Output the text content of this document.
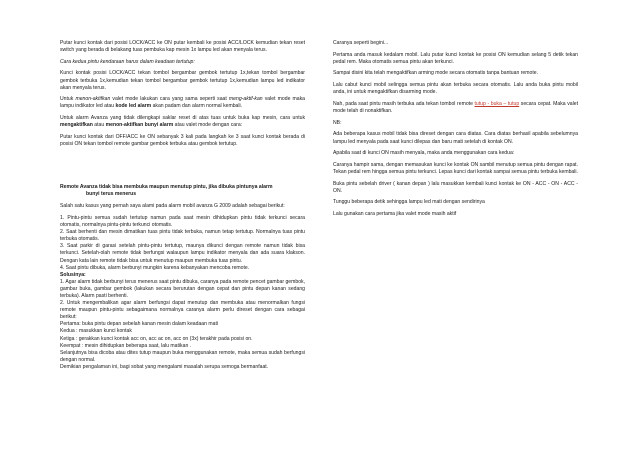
Putar kunci kontak dari posisi LOCK/ACC ke ON putar kembali ke posisi ACC/LOCK kemudian tekan reset switch yang berada di belakang tuas pembuka kap mesin 1x lampu led akan menyala terus.

Cara kedua pintu kendaraan harus dalam keadaan tertutup:

Kunci kontak posisi LOCK/ACC tekan tombol bergambar gembok tertutup 1x,tekan tombol bergambar gembok terbuka 1x,kemudian tekan tombol bergambar gembok tertutup 1x,kemudian lampu led indikator akan menyala terus.

Untuk menon-aktifkan valet mode lakukan cara yang sama seperti saat meng-aktif-kan valet mode maka lampu indikator led atau kode led alarm akan padam dan alarm normal kembali.

Untuk alarm Avanza yang tidak dilengkapi saklar reset di atas tuas untuk buka kap mesin, cara untuk mengaktifkan atau menon-aktifkan bunyi alarm atau valet mode dengan cara:

Putar kunci kontak dari OFF/ACC ke ON sebanyak 3 kali pada langkah ke 3 saat kunci kontak berada di posisi ON tekan tombol remote gambar gembok terbuka atau gembok tertutup.

Remote Avanza tidak bisa membuka maupun menutup pintu, jika dibuka pintunya alarm
bunyi terus menerus

Salah satu kasus yang pernah saya alami pada alarm mobil avanza G 2009 adalah sebagai berikut:

1. Pintu-pintu semua sudah tertutup namun pada saat mesin dihidupkan pintu tidak terkunci secara otomatis, normalnya pintu-pintu terkunci otomatis.
2. Saat berhenti dan mesin dimatikan tuas pintu tidak terbuka, namun tetap tertutup. Normalnya tuas pintu terbuka otomatis.
3. Saat parkir di garasi setelah pintu-pintu tertutup, maunya dikunci dengan remote namun tidak bisa terkunci. Setelah-olah remote tidak berfungsi walaupun lampu indikator menyala dan ada suara klakson. Dengan kata lain remote tidak bisa untuk menutup maupun membuka tuas pintu.
4. Saat pintu dibuka, alarm berbunyi mungkin karena kebanyakan mencoba remote.
Solusinya:
1. Agar alarm tidak berbunyi terus menerus saat pintu dibuka, caranya pada remote pencet gambar gembok, gambar buka, gambar gembok (lakukan secara berurutan dengan cepat dan pintu depan kanan sedang terbuka). Alarm pasti berhenti.
2. Untuk mengembalikan agar alarm berfungsi dapat menutup dan membuka atau menormalkan fungsi remote maupun pintu-pintu sebagaimana normalnya caranya alarm perlu direset dengan cara sebagai berikut:
Pertama: buka pintu depan sebelah kanan mesin dalam keadaan mati
Kedua : masukkan kunci kontak
Ketiga : gerakkan kunci kontak acc on, acc ac on, acc on (3x) terakhir pada posisi on.
Keempat : mesin dihidupkan beberapa saat, lalu matikan .
Selanjutnya bisa dicoba atau dites tutup maupun buka menggunakan remote, maka semua sudah berfungsi dengan normal.
Demikian pengalaman ini, bagi sobat yang mengalami masalah serupa semoga bermanfaat.

Caranya seperti begini...

Pertama anda masuk kedalam mobil. Lalu putar kunci kontak ke posisi ON kemudian selang 5 detik tekan pedal rem. Maka otomatis semua pintu akan terkunci.

Sampai disini kita telah mengaktifkan arming mode secara otomatis tanpa bantuan remote.

Lalu cabut kunci mobil selingga semua pintu akan terbuka secara otomatis. Lalu anda buka pintu mobil anda, ini untuk mengaktifkan disarming mode.

Nah, pada saat pintu masih terbuka ada tekan tombol remote tutup - buka – tutup secara cepat. Maka valet mode telah di nonaktifkan.

NB:

Ada beberapa kasus mobil tidak bisa direset dengan cara diatas. Cara diatas berhasil apabila sebelumnya lampu led menyala pada saat kunci dilepas dan baru mati setelah di kontak ON.

Apabila saat di kunci ON masih menyala, maka anda menggunakan cara kedua:

Caranya hampir sama, dengan memasukan kunci ke kontak ON sambil menutup semua pintu dengan rapat. Tekan pedal rem hingga semua pintu terkunci. Lepas kunci dari kontak sampai semua pintu terbuka kembali.

Buka pintu sebelah driver ( kanan depan ) lalu masukkan kembali kunci kontak ke ON - ACC - ON - ACC - ON.

Tunggu beberapa detik sehingga lampu led mati dengan sendirinya

Lalu gunakan cara pertama jika valet mode masih aktif
